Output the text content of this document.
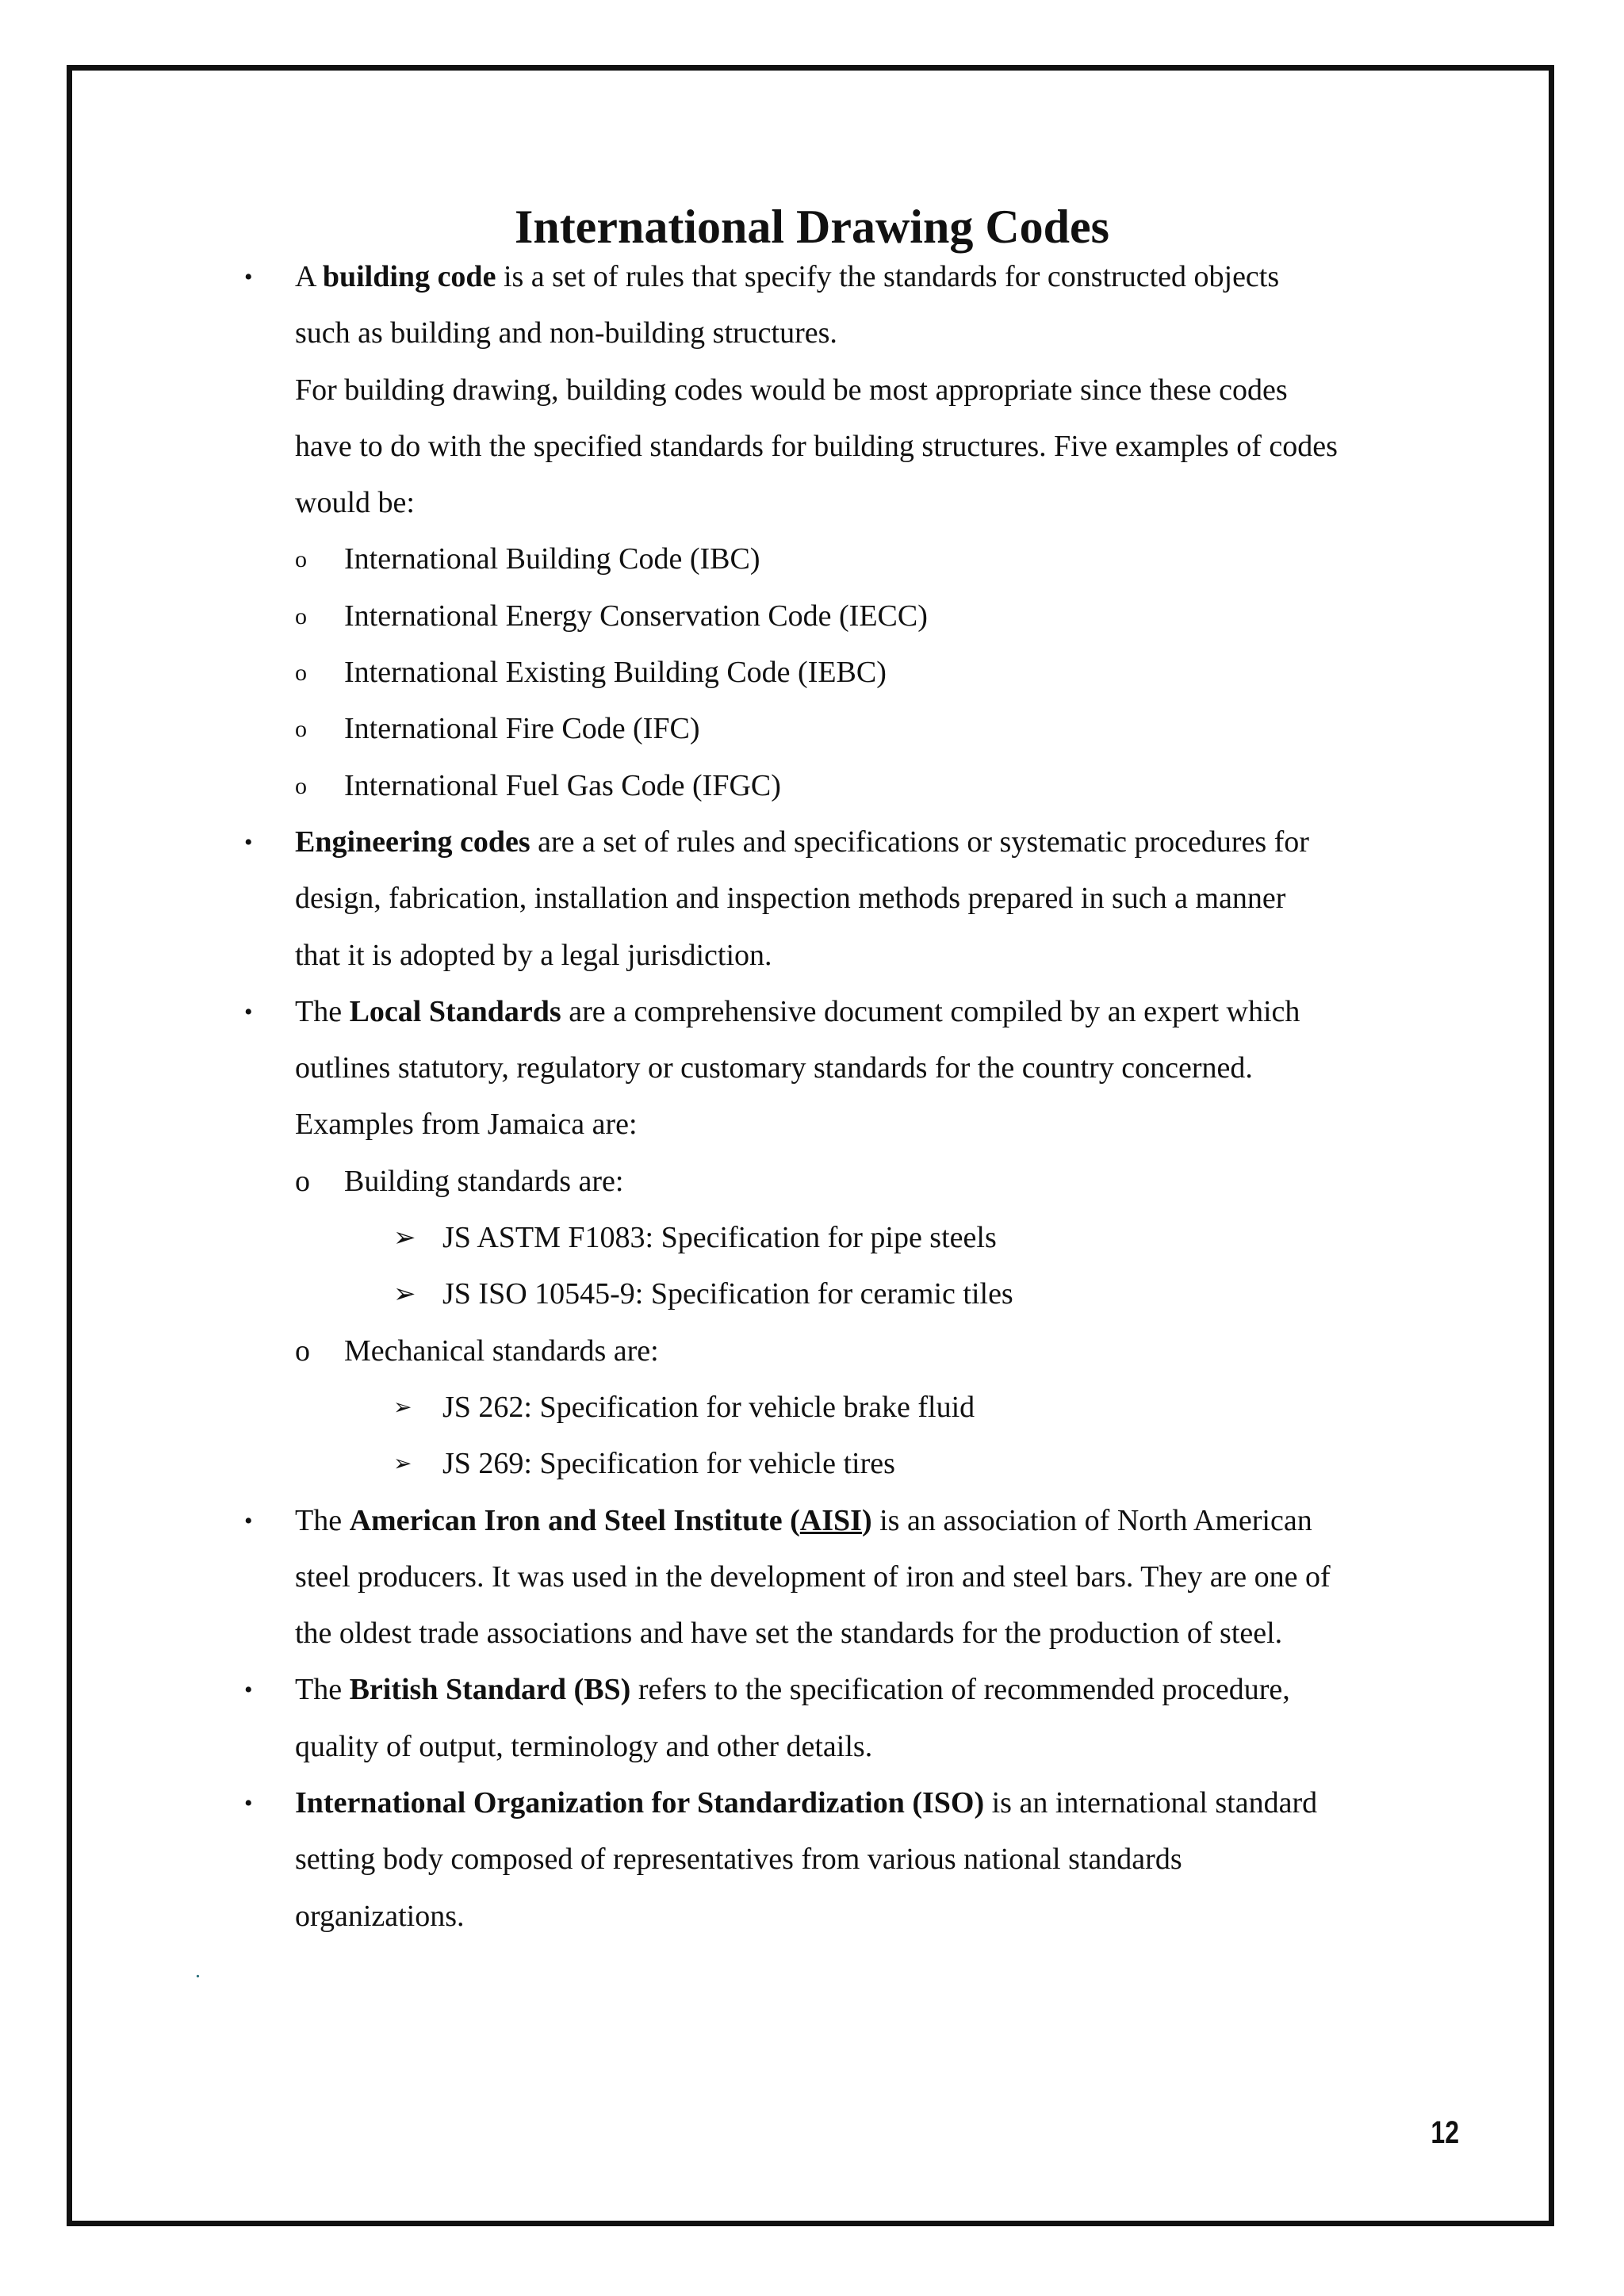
International Drawing Codes
• A building code is a set of rules that specify the standards for constructed objects
such as building and non-building structures.
For building drawing, building codes would be most appropriate since these codes
have to do with the specified standards for building structures. Five examples of codes
would be:
o International Building Code (IBC)
o International Energy Conservation Code (IECC)
o International Existing Building Code (IEBC)
o International Fire Code (IFC)
o International Fuel Gas Code (IFGC)
• Engineering codes are a set of rules and specifications or systematic procedures for
design, fabrication, installation and inspection methods prepared in such a manner
that it is adopted by a legal jurisdiction.
• The Local Standards are a comprehensive document compiled by an expert which
outlines statutory, regulatory or customary standards for the country concerned.
Examples from Jamaica are:
o Building standards are:
➢ JS ASTM F1083: Specification for pipe steels
➢ JS ISO 10545-9: Specification for ceramic tiles
o Mechanical standards are:
➢ JS 262: Specification for vehicle brake fluid
➢ JS 269: Specification for vehicle tires
• The American Iron and Steel Institute (AISI) is an association of North American
steel producers. It was used in the development of iron and steel bars. They are one of
the oldest trade associations and have set the standards for the production of steel.
• The British Standard (BS) refers to the specification of recommended procedure,
quality of output, terminology and other details.
• International Organization for Standardization (ISO) is an international standard
setting body composed of representatives from various national standards
organizations.
.
12
